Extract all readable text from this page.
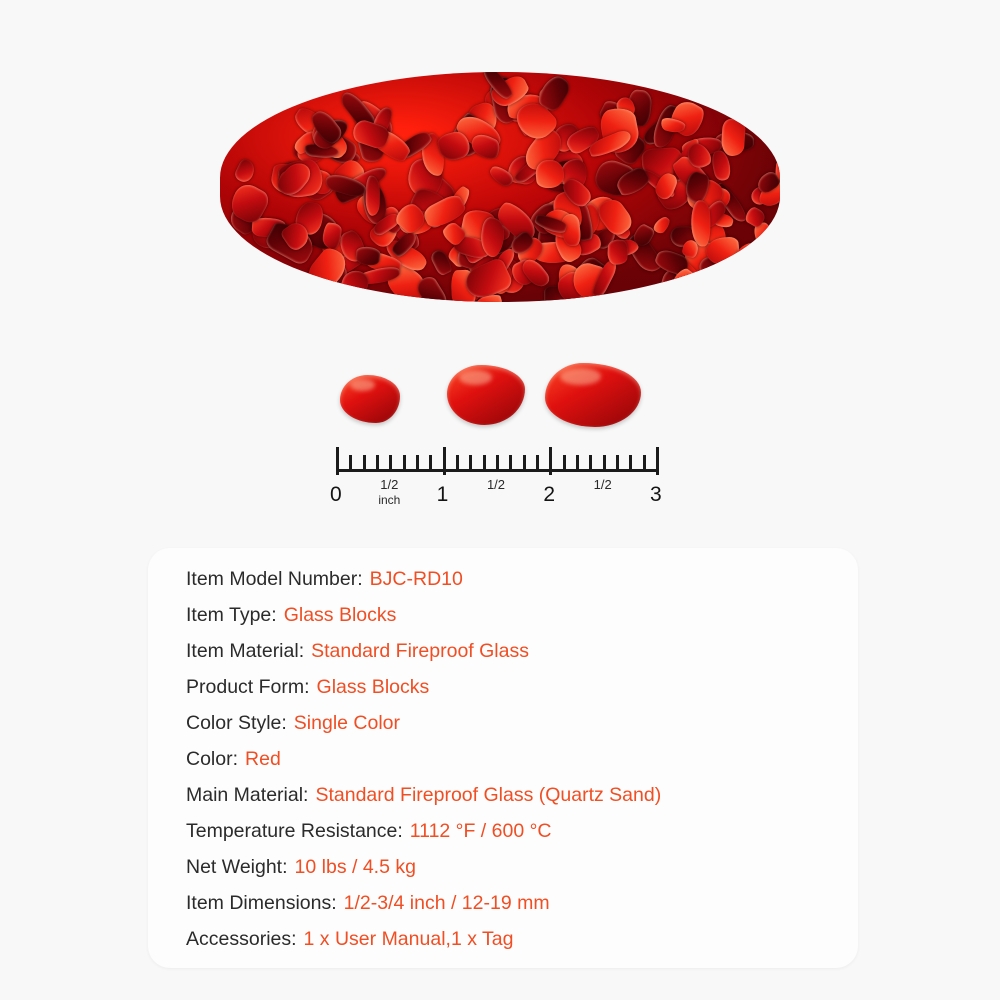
0	1	2	3
1/2
inch
1/2	1/2
Item Model Number: BJC-RD10
Item Type: Glass Blocks
Item Material: Standard Fireproof Glass
Product Form: Glass Blocks
Color Style: Single Color
Color: Red
Main Material: Standard Fireproof Glass (Quartz Sand)
Temperature Resistance: 1112 °F / 600 °C
Net Weight: 10 lbs / 4.5 kg
Item Dimensions: 1/2-3/4 inch / 12-19 mm
Accessories: 1 x User Manual,1 x Tag
